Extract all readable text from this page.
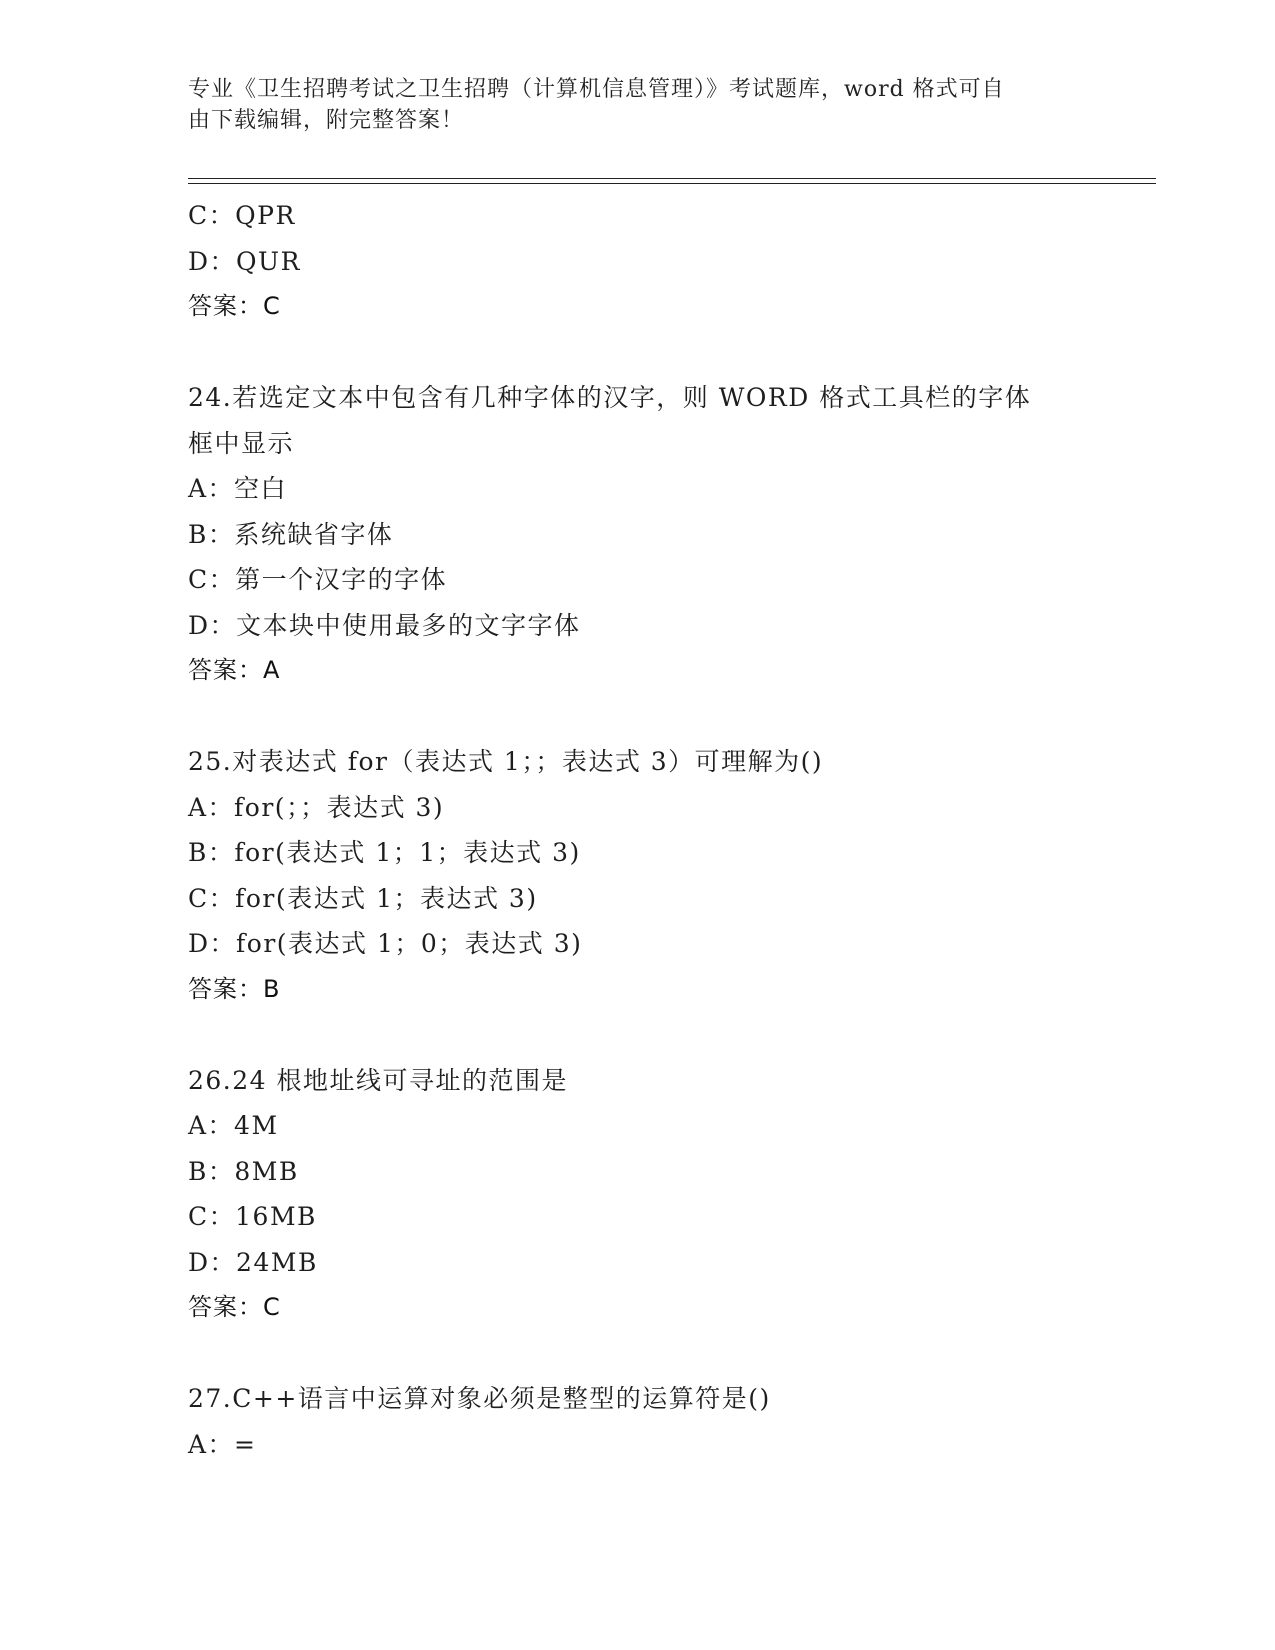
专业《卫生招聘考试之卫生招聘（计算机信息管理）》考试题库，word 格式可自
由下载编辑，附完整答案！
C：QPR
D：QUR
答案：C
24.若选定文本中包含有几种字体的汉字，则 WORD 格式工具栏的字体
框中显示
A：空白
B：系统缺省字体
C：第一个汉字的字体
D：文本块中使用最多的文字字体
答案：A
25.对表达式 for（表达式 1；；表达式 3）可理解为()
A：for(；；表达式 3)
B：for(表达式 1；1；表达式 3)
C：for(表达式 1；表达式 3)
D：for(表达式 1；0；表达式 3)
答案：B
26.24 根地址线可寻址的范围是
A：4M
B：8MB
C：16MB
D：24MB
答案：C
27.C++语言中运算对象必须是整型的运算符是()
A：=
